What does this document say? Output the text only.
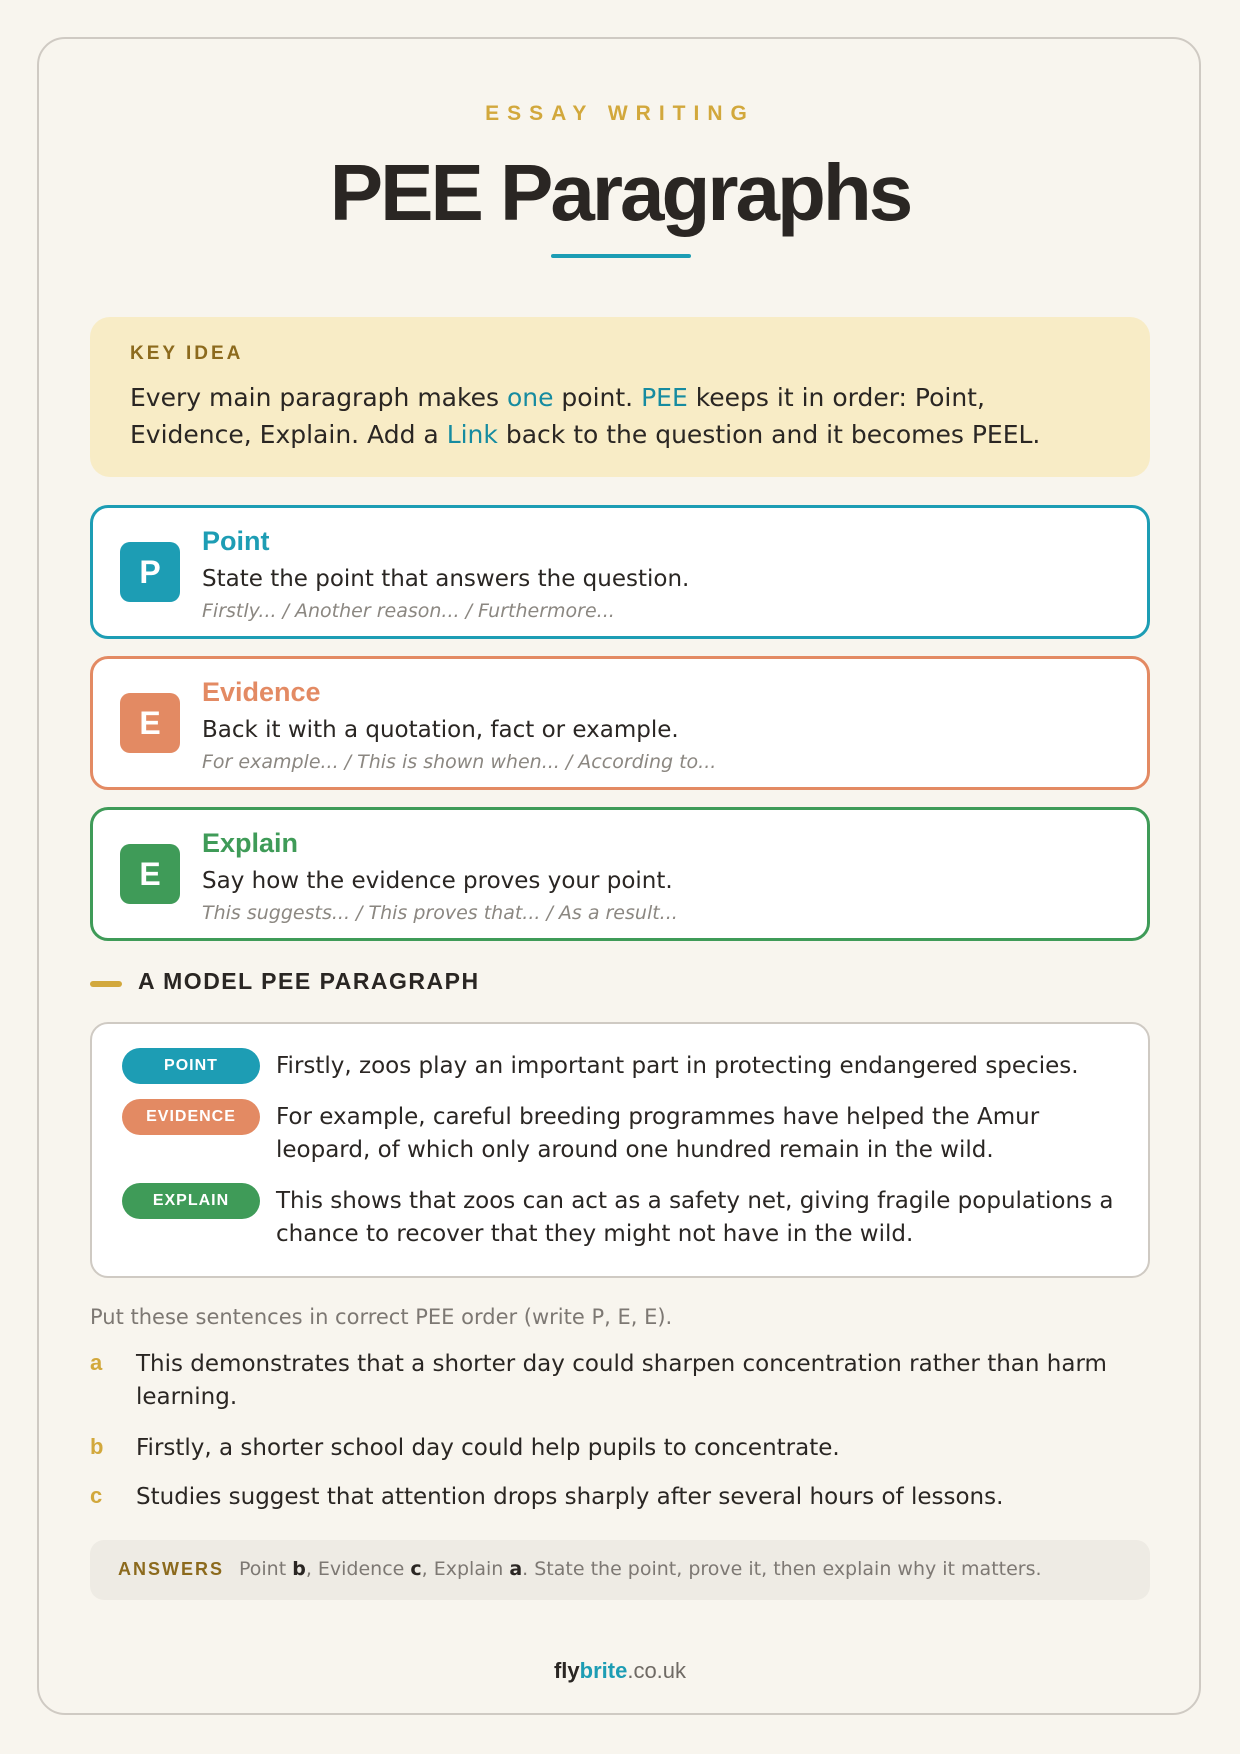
ESSAY WRITING
PEE Paragraphs
KEY IDEA
Every main paragraph makes one point. PEE keeps it in order: Point, Evidence, Explain. Add a Link back to the question and it becomes PEEL.
P
Point
State the point that answers the question.
Firstly... / Another reason... / Furthermore...
E
Evidence
Back it with a quotation, fact or example.
For example... / This is shown when... / According to...
E
Explain
Say how the evidence proves your point.
This suggests... / This proves that... / As a result...
A MODEL PEE PARAGRAPH
POINT	Firstly, zoos play an important part in protecting endangered species.
EVIDENCE	For example, careful breeding programmes have helped the Amur leopard, of which only around one hundred remain in the wild.
EXPLAIN	This shows that zoos can act as a safety net, giving fragile populations a chance to recover that they might not have in the wild.
Put these sentences in correct PEE order (write P, E, E).
a This demonstrates that a shorter day could sharpen concentration rather than harm learning.
b Firstly, a shorter school day could help pupils to concentrate.
c Studies suggest that attention drops sharply after several hours of lessons.
ANSWERS Point b, Evidence c, Explain a. State the point, prove it, then explain why it matters.
flybrite.co.uk
